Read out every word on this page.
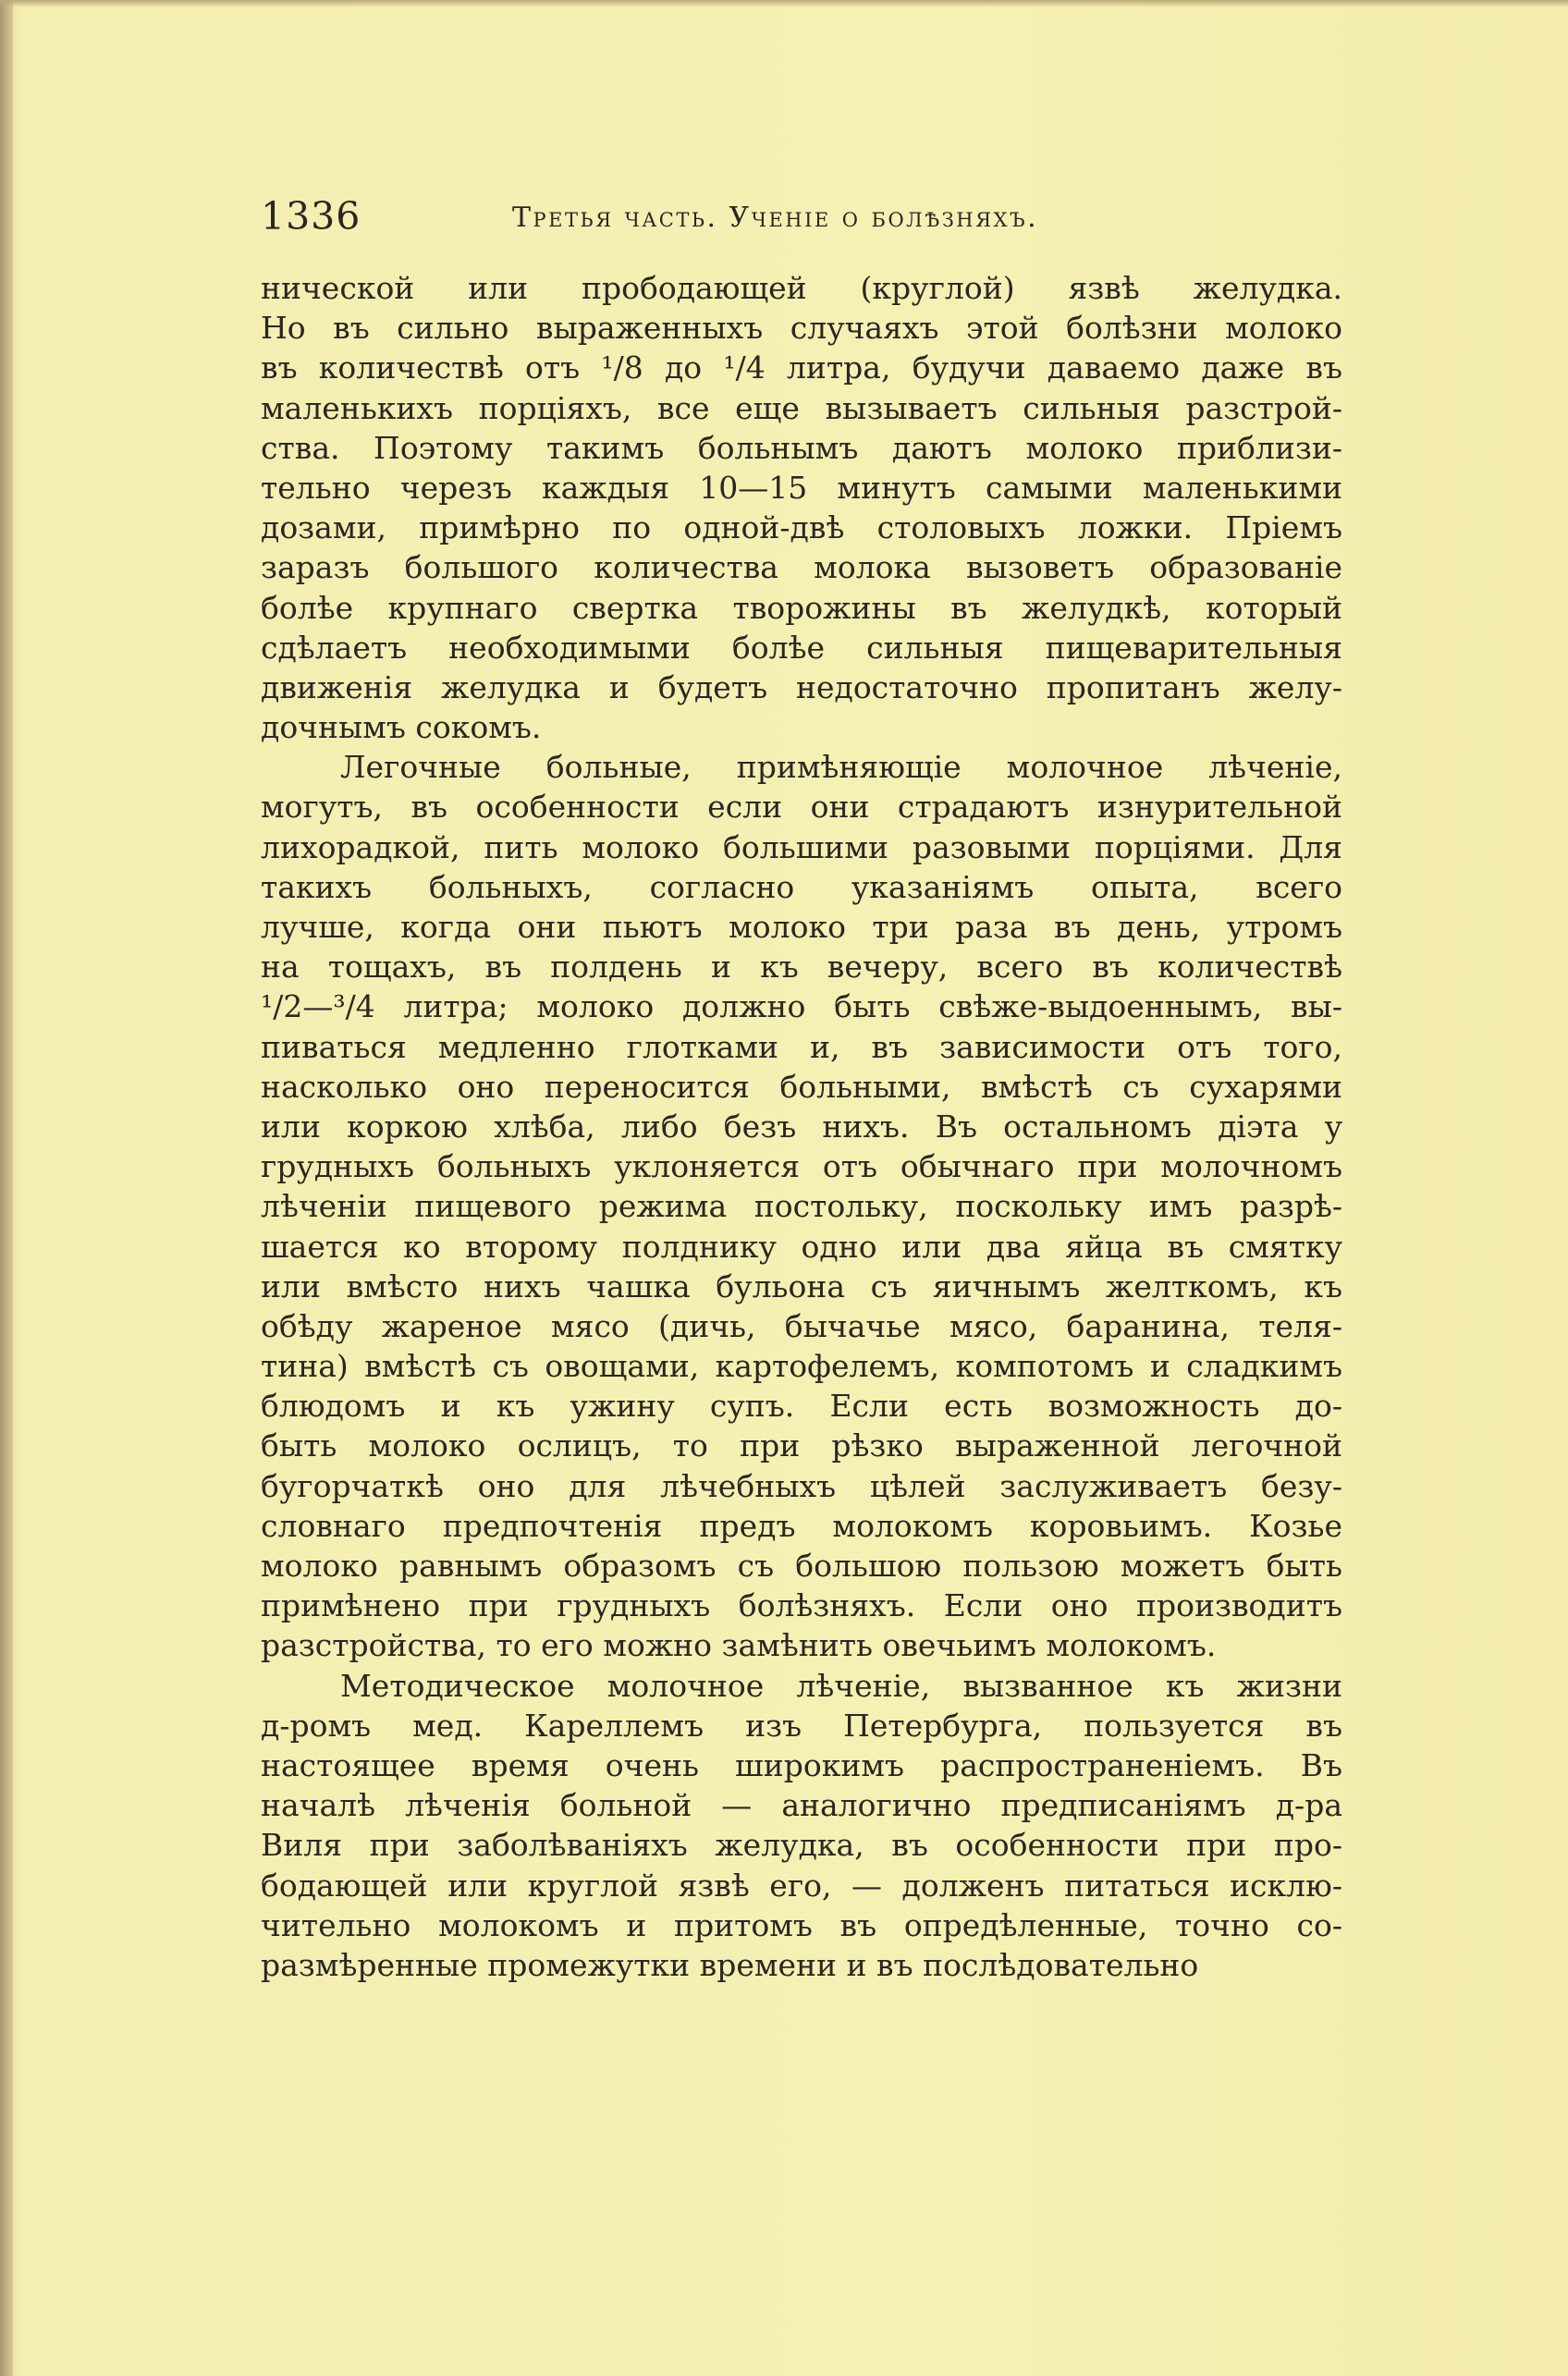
1336	Третья часть. Ученіе о болѣзняхъ.
нической или прободающей (круглой) язвѣ желудка.
Но въ сильно выраженныхъ случаяхъ этой болѣзни молоко
въ количествѣ отъ ¹/8 до ¹/4 литра, будучи даваемо даже въ
маленькихъ порціяхъ, все еще вызываетъ сильныя разстрой-
ства. Поэтому такимъ больнымъ даютъ молоко приблизи-
тельно черезъ каждыя 10—15 минутъ самыми маленькими
дозами, примѣрно по одной-двѣ столовыхъ ложки. Пріемъ
заразъ большого количества молока вызоветъ образованіе
болѣе крупнаго свертка творожины въ желудкѣ, который
сдѣлаетъ необходимыми болѣе сильныя пищеварительныя
движенія желудка и будетъ недостаточно пропитанъ желу-
дочнымъ сокомъ.
Легочные больные, примѣняющіе молочное лѣченіе,
могутъ, въ особенности если они страдаютъ изнурительной
лихорадкой, пить молоко большими разовыми порціями. Для
такихъ больныхъ, согласно указаніямъ опыта, всего
лучше, когда они пьютъ молоко три раза въ день, утромъ
на тощахъ, въ полдень и къ вечеру, всего въ количествѣ
¹/2—³/4 литра; молоко должно быть свѣже-выдоеннымъ, вы-
пиваться медленно глотками и, въ зависимости отъ того,
насколько оно переносится больными, вмѣстѣ съ сухарями
или коркою хлѣба, либо безъ нихъ. Въ остальномъ діэта у
грудныхъ больныхъ уклоняется отъ обычнаго при молочномъ
лѣченіи пищевого режима постольку, поскольку имъ разрѣ-
шается ко второму полднику одно или два яйца въ смятку
или вмѣсто нихъ чашка бульона съ яичнымъ желткомъ, къ
обѣду жареное мясо (дичь, бычачье мясо, баранина, теля-
тина) вмѣстѣ съ овощами, картофелемъ, компотомъ и сладкимъ
блюдомъ и къ ужину супъ. Если есть возможность до-
быть молоко ослицъ, то при рѣзко выраженной легочной
бугорчаткѣ оно для лѣчебныхъ цѣлей заслуживаетъ безу-
словнаго предпочтенія предъ молокомъ коровьимъ. Козье
молоко равнымъ образомъ съ большою пользою можетъ быть
примѣнено при грудныхъ болѣзняхъ. Если оно производитъ
разстройства, то его можно замѣнить овечьимъ молокомъ.
Методическое молочное лѣченіе, вызванное къ жизни
д-ромъ мед. Кареллемъ изъ Петербурга, пользуется въ
настоящее время очень широкимъ распространеніемъ. Въ
началѣ лѣченія больной — аналогично предписаніямъ д-ра
Виля при заболѣваніяхъ желудка, въ особенности при про-
бодающей или круглой язвѣ его, — долженъ питаться исклю-
чительно молокомъ и притомъ въ опредѣленные, точно со-
размѣренные промежутки времени и въ послѣдовательно
